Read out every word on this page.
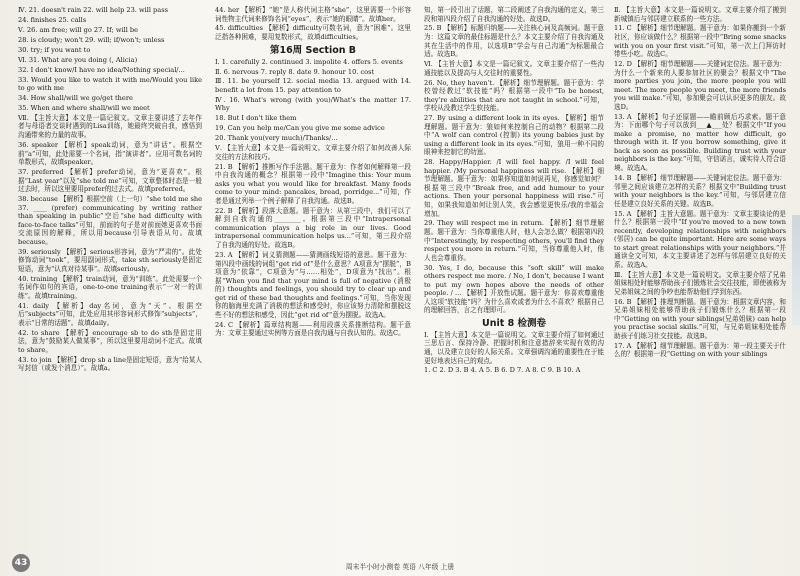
Ⅳ. 21. doesn't rain 22. will help 23. will pass

24. finishes 25. calls

Ⅴ. 26. am free; will go 27. If; will be

28. is cloudy; won't 29. will; if/won't; unless

30. try; if you want to

Ⅵ. 31. What are you doing (, Alicia)

32. I don't know/I have no idea/Nothing special/...

33. Would you like to watch it with me/Would you like to go with me

34. How shall/will we go/get there

35. When and where shall/will we meet

Ⅶ. 【主旨大意】本文是一篇记叙文。文章主要讲述了去年作者与母语者交谈时遇到的Lisa训练，她最终突破自我，感悟到沟通带来的力量的故事。

36. speaker 【解析】speak动词，意为“讲话”。根据空前“a”可知，此处需要一个名词，指“演讲者”。应用可数名词的单数形式，故填speaker。

37. preferred 【解析】prefer动词，意为“更喜欢”。根据“Last year”以及“she told me”可知，文章整体时态是一般过去时，所以这里要用prefer的过去式。故填preferred。

38. because 【解析】根据空前（上一句）“she told me she 37. ____ (prefer) communicating by writing rather than speaking in public”空后“she had difficulty with face-to-face talks”可知，前面的句子是对前面她更喜欢书面交流原因的解释，所以用because引导表语从句。故填because。

39. seriously 【解析】serious形容词，意为“严肃的”。此处修饰动词“took”，要用副词形式，take sth seriously是固定短语，意为“认真对待某事”。故填seriously。

40. training 【解析】train动词，意为“训练”。此处需要一个名词作如句的宾语，one-to-one training表示“一对一的训练”。故填training。

41. daily 【解析】day名词，意为“天”。根据空后“subjects”可知，此处应用其形容词形式修饰“subjects”，表示“日常的话题”。故填daily。

42. to share 【解析】encourage sb to do sth是固定用法，意为“鼓励某人做某事”，所以这里要用动词不定式。故填to share。

43. to join 【解析】drop sb a line是固定短语，意为“给某人写封信（或发个消息）”。故填a。

44. her 【解析】“她”是人称代词主格“she”，这里需要一个形容词性物主代词来修饰名词“eyes”，表示“她的眼睛”。故填her。

45. difficulties 【解析】difficulty可数名词，意为“困难”。这里泛指各种困难，要用复数形式，故填difficulties。

第16周 Section B

Ⅰ. 1. carefully 2. continued 3. impolite 4. offers 5. events

Ⅱ. 6. nervous 7. reply 8. date 9. honour 10. cost

Ⅲ. 11. be yourself 12. social media 13. argued with 14. benefit a lot from 15. pay attention to

Ⅳ. 16. What's wrong (with you)/What's the matter 17. Why

18. But I don't like them

19. Can you help me/Can you give me some advice

20. Thank you(very much)/Thanks/...

Ⅴ. 【主旨大意】本文是一篇说明文。文章主要介绍了如何改善人际交往的方法和技巧。

21. B 【解析】推断写作手法题。题干意为：作者如何解释第一段中自我沟通的概念？根据第一段中“Imagine this: Your mum asks you what you would like for breakfast. Many foods come to your mind: pancakes, bread, porridge...”可知，作者是通过列举一个例子解释了自我沟通。故选B。

22. B 【解析】段落大意题。题干意为：从第三段中，我们可以了解到自我沟通的________。根据第三段中“Intrapersonal communication plays a big role in our lives. Good intrapersonal communication helps us...”可知，第三段介绍了自我沟通的好处。故选B。

23. A 【解析】词义猜测题——猜测画线短语的意思。题干意为：第四段中画线的词组“get rid of”是什么意思？A项意为“摆脱”，B项意为“依靠”，C项意为“与……相处”，D项意为“找出”。根据“When you find that your mind is full of negative (消极的) thoughts and feelings, you should try to clear up and get rid of these bad thoughts and feelings.”可知，当你发现你的脑海里充满了消极的想法和感受时，你应该努力清除和摆脱这些不好的想法和感受，因此“get rid of”意为摆脱。故选A。

24. C 【解析】篇章结构题——利用段落关系推断结构。题干意为：文章主要通过实例等方面是自我沟通与自我认知的。故选C。

知，第一段引出了话题，第二段阐述了自我沟通的定义，第三段和第四段介绍了自我沟通的好处。故选D。

25. B 【解析】标题归纳题——关注核心词及高频词。题干意为：这篇文章的最佳标题是什么？本文主要介绍了自我沟通及其在生活中的作用，以选项B“学会与自己沟通”为标题最合适。故选B。

Ⅵ. 【主旨大意】本文是一篇记叙文。文章主要介绍了一些沟通技能以及提高与人交往时的重要性。

26. No, they haven't. 【解析】细节理解题。题干意为：学校曾经教过“软技能”吗？根据第一段中“To be honest, they're abilities that are not taught in school.”可知，学校从没教过学生软技能。

27. By using a different look in its eyes. 【解析】细节理解题。题干意为：狼如何来控制自己的动物？根据第二段中“A wolf can control (控制) its young babies just by using a different look in its eyes.”可知，狼用一种不同的眼神来控制它的幼崽。

28. Happy/Happier. /I will feel happy. /I will feel happier. /My personal happiness will rise. 【解析】细节理解题。题干意为：如果你知道如何说再见，你感觉如何？根据第三段中“Break free, and add humour to your actions. Then your personal happiness will rise.”可知，如果我知道如何让别人笑，我会感觉更快乐/我的幸福会增加。

29. They will respect me in return. 【解析】细节理解题。题干意为：当你尊重他人时，他人会怎么做？根据第四段中“Interestingly, by respecting others, you'll find they respect you more in return.”可知，当你尊重他人时，他人也会尊重你。

30. Yes, I do, because this “soft skill” will make others respect me more. / No, I don't, because I want to put my own hopes above the needs of other people. / ... 【解析】开放性试题。题干意为：你喜欢尊重他人这项“软技能”吗？为什么喜欢或者为什么不喜欢？根据自己的理解回答，言之有理即可。

Unit 8 检测卷

Ⅰ. 【主旨大意】本文是一篇说明文。文章主要介绍了如何通过三思后言、保持冷静、把握时机和注意措辞来实现有效的沟通，以及建立良好的人际关系。文章强调沟通的重要性在于能更好地表达自己的观点。

1. C 2. D 3. B 4. A 5. B 6. D 7. A 8. C 9. B 10. A

Ⅱ. 【主旨大意】本文是一篇说明文。文章主要介绍了搬到新城镇后与邻居建立联系的一些方法。

11. C 【解析】细节理解题。题干意为：如果你搬到一个新社区，你应该做什么？根据第一段中“Bring some snacks with you on your first visit.”可知，第一次上门拜访时带些小吃。故选C。

12. D 【解析】细节理解题——关键词定位法。题干意为：为什么一个新来的人要参加社区的聚会？根据文中“The more parties you join, the more people you will meet. The more people you meet, the more friends you will make.”可知，参加聚会可以认识更多的朋友。故选D。

13. A 【解析】句子还原题——瞻前顾后巧求索。题干意为：下面哪个句子可以放到___▲___处？根据文中“If you make a promise, no matter how difficult, go through with it. If you borrow something, give it back as soon as possible. Building trust with your neighbors is the key.”可知，守信诺言，诚实待人符合语境。故选A。

14. B 【解析】细节理解题——关键词定位法。题干意为：邻里之间应该建立怎样的关系？根据文中“Building trust with your neighbors is the key.”可知，与邻居建立信任是建立良好关系的关键。故选B。

15. A 【解析】主旨大意题。题干意为：文章主要谈论的是什么？根据第一段中“If you're moved to a new town recently, developing relationships with neighbors (邻居) can be quite important. Here are some ways to start great relationships with your neighbors.”并通读全文可知，本文主要讲述了怎样与邻居建立良好的关系。故选A。

Ⅲ. 【主旨大意】本文是一篇说明文。文章主要介绍了兄弟姐妹相处时能够帮助孩子们锻炼社会交往技能，即使被称为兄弟姐妹之间的争吵也能帮助他们学到东西。

16. B 【解析】推理判断题。题干意为：根据文章内容，和兄弟姐妹相处能够帮助孩子们锻炼什么？根据第一段中“Getting on with your siblings(兄弟姐妹) can help you practise social skills.”可知，与兄弟姐妹相处能帮助孩子们练习社交技能。故选B。

17. A 【解析】细节理解题。题干意为：第一段主要关于什么的？根据第一段“Getting on with your siblings

43	周末半小时小测卷 英语 八年级 上册
